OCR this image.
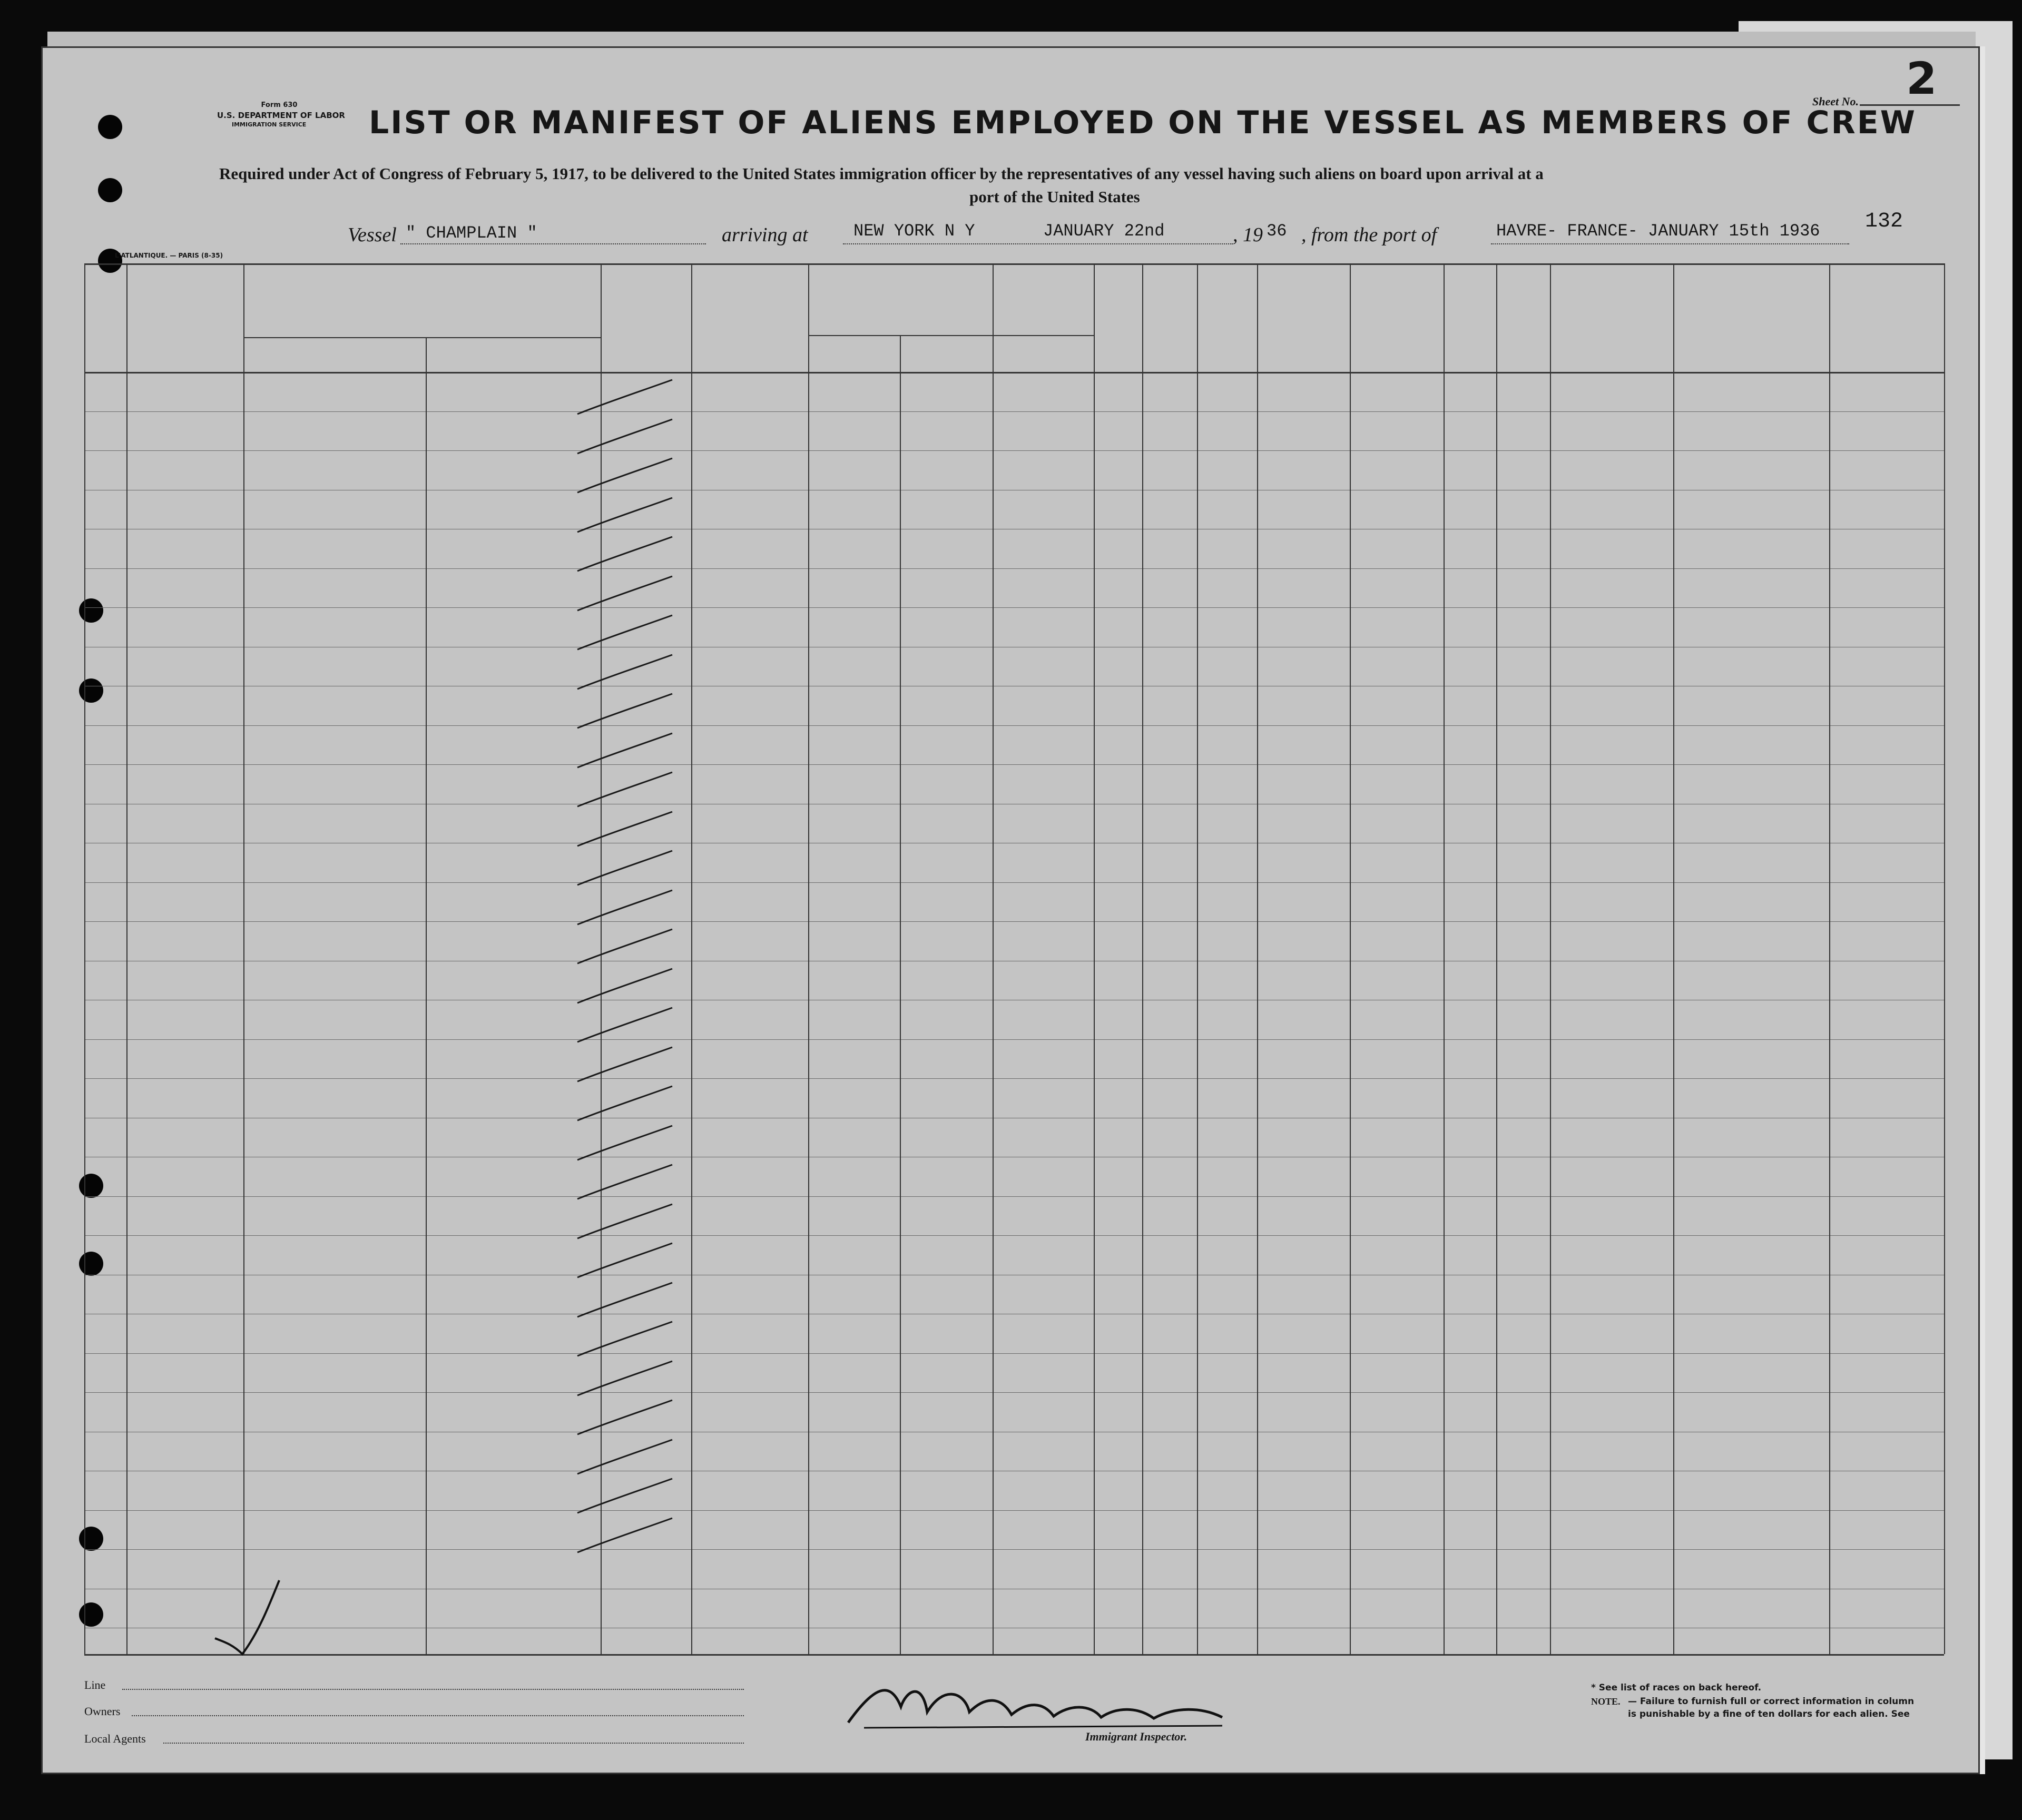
Form 630
U.S. DEPARTMENT OF LABOR
IMMIGRATION SERVICE
Sheet No. 2
LIST OR MANIFEST OF ALIENS EMPLOYED ON THE VESSEL AS MEMBERS OF CREW
Required under Act of Congress of February 5, 1917, to be delivered to the United States immigration officer by the representatives of any vessel having such aliens on board upon arrival at a
port of the United States
Vessel " CHAMPLAIN "	arriving at	NEW YORK N Y	JANUARY 22nd	, 19 36 , from the port of	HAVRE- FRANCE- JANUARY 15th 1936 132
L'ATLANTIQUE. — PARIS (8-35)
Line
Owners
Local Agents	Immigrant Inspector.
* See list of races on back hereof.
NOTE. — Failure to furnish full or correct information in column
is punishable by a fine of ten dollars for each alien. See
